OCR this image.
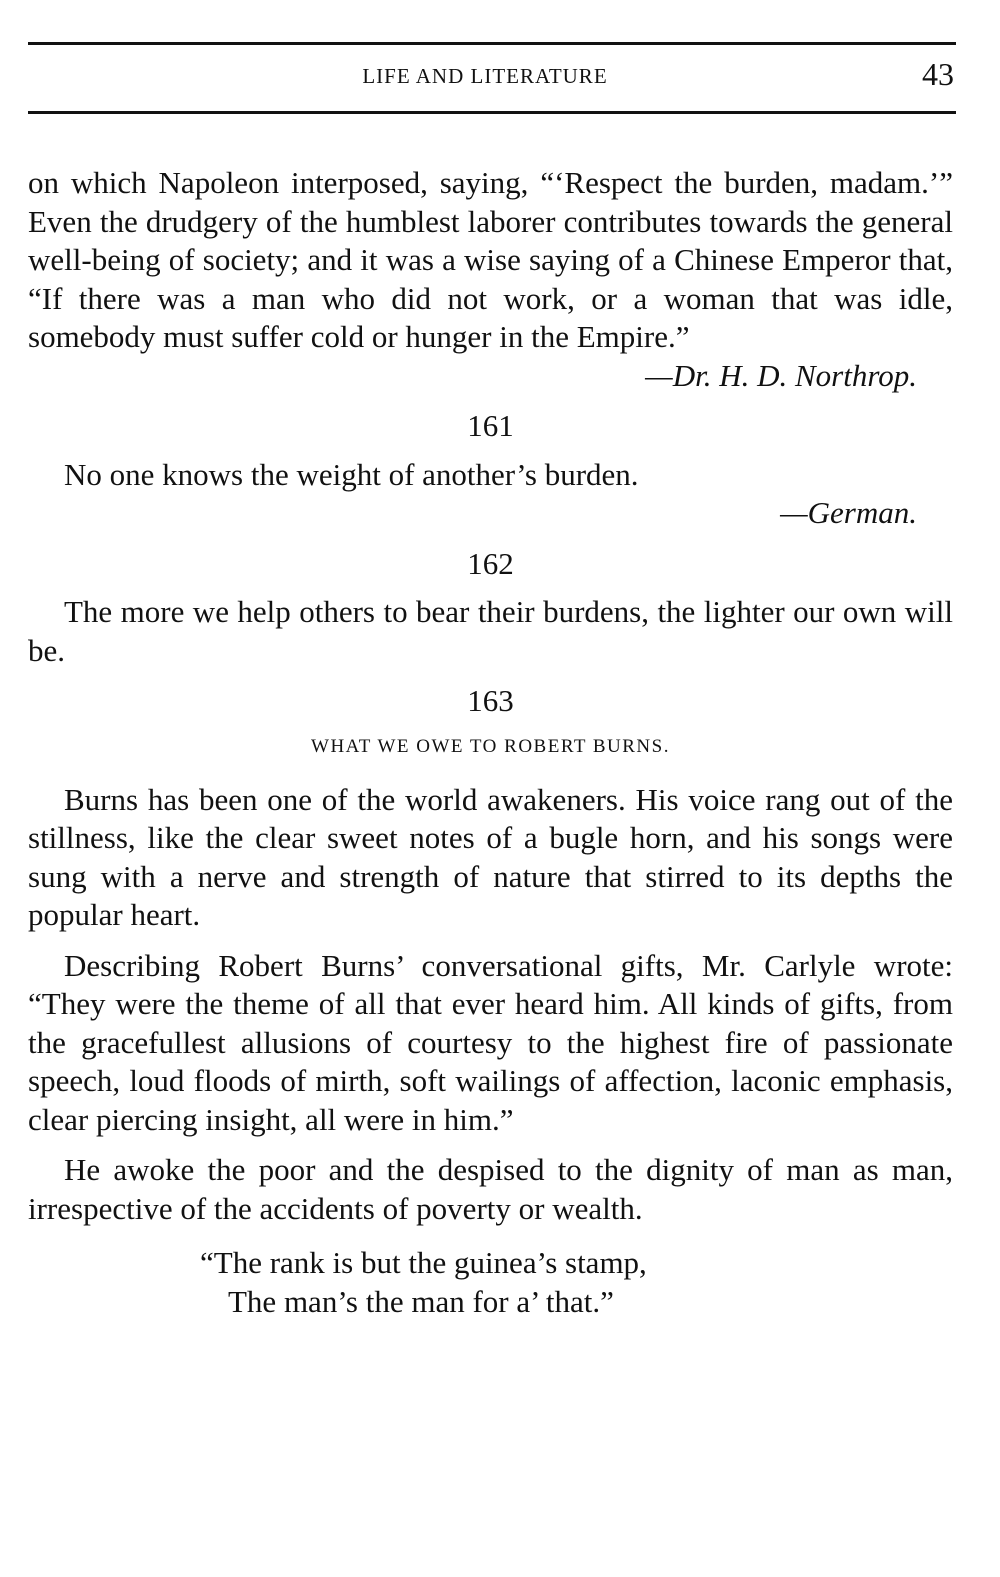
LIFE AND LITERATURE	43

on which Napoleon interposed, saying, “‘Respect the burden, madam.’” Even the drudgery of the humblest laborer contributes towards the general well-being of society; and it was a wise saying of a Chinese Emperor that, “If there was a man who did not work, or a woman that was idle, somebody must suffer cold or hunger in the Empire.”

—Dr. H. D. Northrop.

161

No one knows the weight of another’s burden.

—German.

162

The more we help others to bear their burdens, the lighter our own will be.

163

WHAT WE OWE TO ROBERT BURNS.

Burns has been one of the world awakeners. His voice rang out of the stillness, like the clear sweet notes of a bugle horn, and his songs were sung with a nerve and strength of nature that stirred to its depths the popular heart.

Describing Robert Burns’ conversational gifts, Mr. Carlyle wrote: “They were the theme of all that ever heard him. All kinds of gifts, from the gracefullest allusions of courtesy to the highest fire of passionate speech, loud floods of mirth, soft wailings of affection, laconic emphasis, clear piercing insight, all were in him.”

He awoke the poor and the despised to the dignity of man as man, irrespective of the accidents of poverty or wealth.

“The rank is but the guinea’s stamp,
The man’s the man for a’ that.”
